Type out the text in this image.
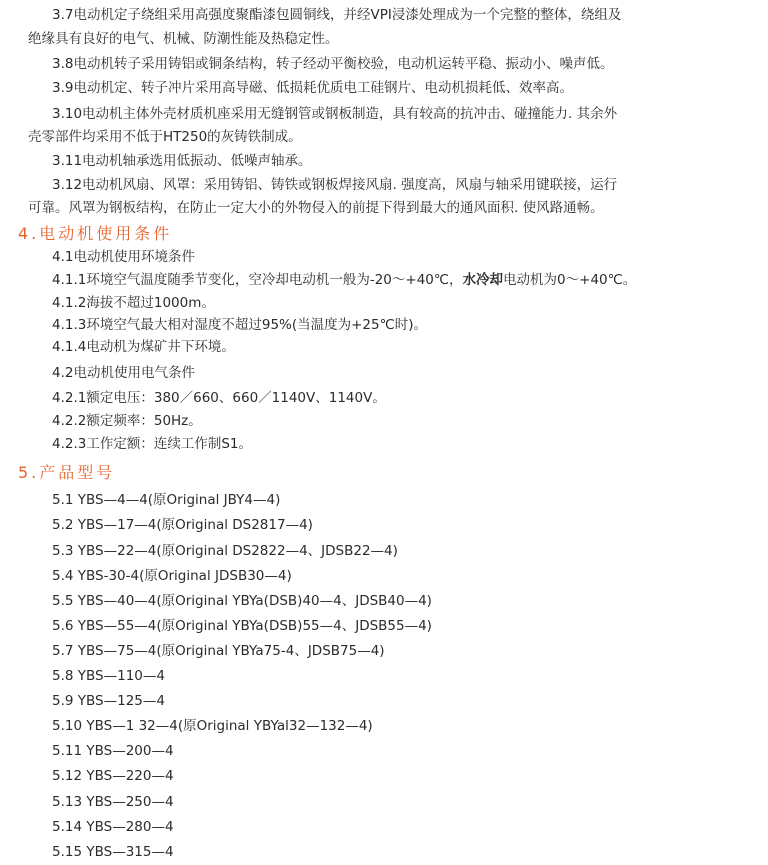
3.7电动机定子绕组采用高强度聚酯漆包圆铜线，并经VPI浸漆处理成为一个完整的整体，绕组及
绝缘具有良好的电气、机械、防潮性能及热稳定性。
3.8电动机转子采用铸铝或铜条结构，转子经动平衡校验，电动机运转平稳、振动小、噪声低。
3.9电动机定、转子冲片采用高导磁、低损耗优质电工硅钢片、电动机损耗低、效率高。
3.10电动机主体外壳材质机座采用无缝钢管或钢板制造，具有较高的抗冲击、碰撞能力. 其余外
壳零部件均采用不低于HT250的灰铸铁制成。
3.11电动机轴承选用低振动、低噪声轴承。
3.12电动机风扇、风罩：采用铸铝、铸铁或钢板焊接风扇. 强度高，风扇与轴采用键联接，运行
可靠。风罩为钢板结构，在防止一定大小的外物侵入的前提下得到最大的通风面积. 使风路通畅。
4.电动机使用条件
4.1电动机使用环境条件
4.1.1环境空气温度随季节变化，空冷却电动机一般为-20～+40℃，水冷却电动机为0～+40℃。
4.1.2海拔不超过1000m。
4.1.3环境空气最大相对湿度不超过95%(当温度为+25℃时)。
4.1.4电动机为煤矿井下环境。
4.2电动机使用电气条件
4.2.1额定电压：380／660、660／1140V、1140V。
4.2.2额定频率：50Hz。
4.2.3工作定额：连续工作制S1。
5.产品型号
5.1 YBS—4—4(原Original JBY4—4)
5.2 YBS—17—4(原Original DS2817—4)
5.3 YBS—22—4(原Original DS2822—4、JDSB22—4)
5.4 YBS-30-4(原Original JDSB30—4)
5.5 YBS—40—4(原Original YBYa(DSB)40—4、JDSB40—4)
5.6 YBS—55—4(原Original YBYa(DSB)55—4、JDSB55—4)
5.7 YBS—75—4(原Original YBYa75-4、JDSB75—4)
5.8 YBS—110—4
5.9 YBS—125—4
5.10 YBS—1 32—4(原Original YBYal32—132—4)
5.11 YBS—200—4
5.12 YBS—220—4
5.13 YBS—250—4
5.14 YBS—280—4
5.15 YBS—315—4
